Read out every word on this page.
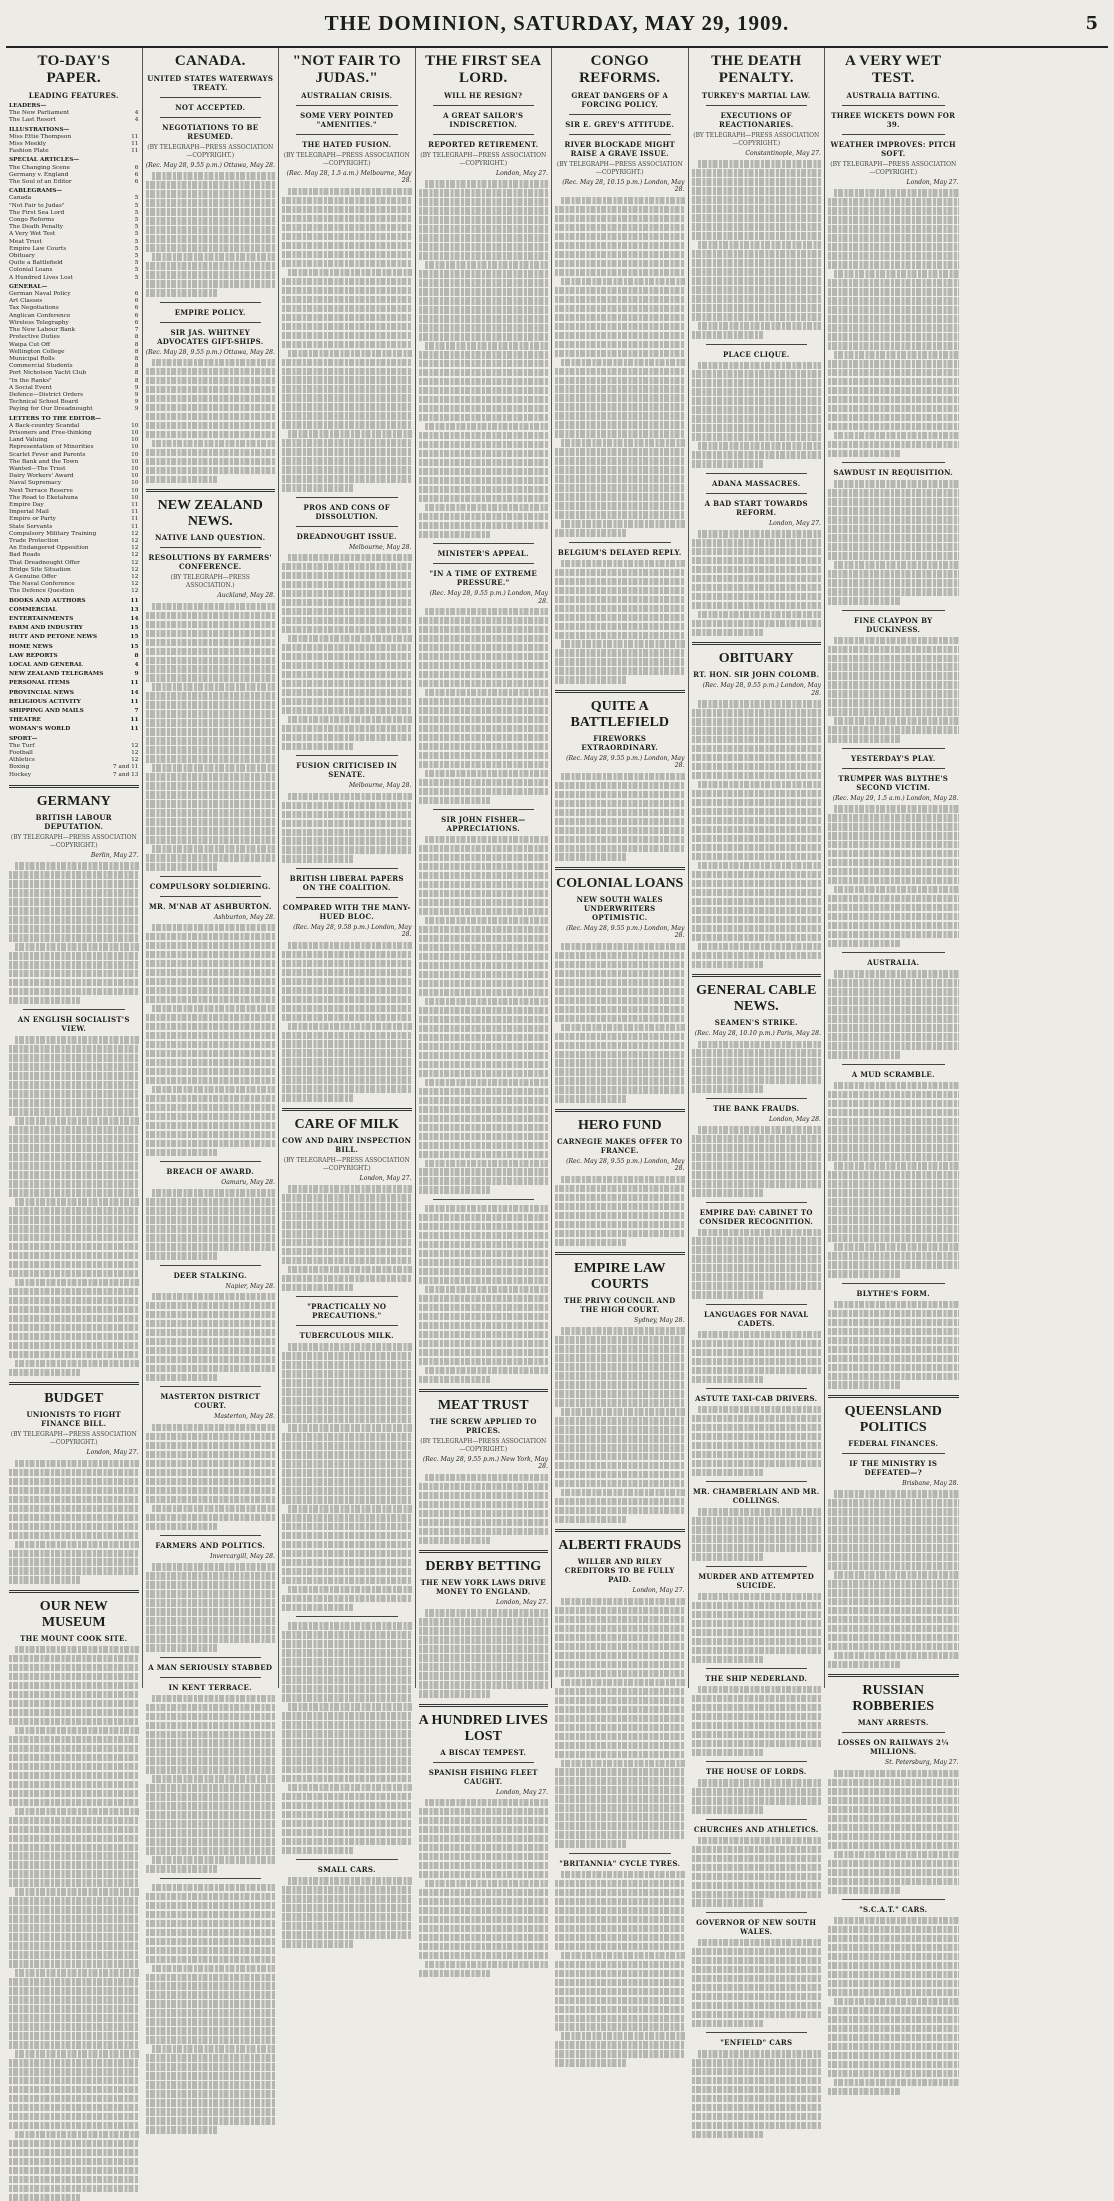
THE DOMINION, SATURDAY, MAY 29, 1909.	5
TO-DAY'S PAPER.
LEADING FEATURES.
LEADERS—
The New Parliament	4
The Last Resort	4
ILLUSTRATIONS—
Miss Ettie Thompson	11
Miss Meekly	11
Fashion Plate	11
SPECIAL ARTICLES—
The Changing Scene	6
Germany v. England	6
The Soul of an Editor	6
CABLEGRAMS—
Canada	5
"Not Fair to Judas"	5
The First Sea Lord	5
Congo Reforms	5
The Death Penalty	5
A Very Wet Test	5
Meat Trust	5
Empire Law Courts	5
Obituary	5
Quite a Battlefield	5
Colonial Loans	5
A Hundred Lives Lost	5
GENERAL—
German Naval Policy	6
Art Classes	6
Tax Negotiations	6
Anglican Conference	6
Wireless Telegraphy	6
The New Labour Bank	7
Protective Duties	8
Waipa Cut Off	8
Wellington College	8
Municipal Rolls	8
Commercial Students	8
Port Nicholson Yacht Club	8
"In the Ranks"	8
A Social Event	9
Defence—District Orders	9
Technical School Board	9
Paying for Our Dreadnought	9
LETTERS TO THE EDITOR—
A Back-country Scandal	10
Prisoners and Free-thinking	10
Land Valuing	10
Representation of Minorities	10
Scarlet Fever and Parents	10
The Bank and the Town	10
Wanted—The Trust	10
Dairy Workers' Award	10
Naval Supremacy	10
Next Terrace Reserve	10
The Road to Eketahuna	10
Empire Day	11
Imperial Mail	11
Empire or Party	11
State Servants	11
Compulsory Military Training	12
Trade Protection	12
An Endangered Opposition	12
Bad Roads	12
That Dreadnought Offer	12
Bridge Site Situation	12
A Genuine Offer	12
The Naval Conference	12
The Defence Question	12
BOOKS AND AUTHORS	11
COMMERCIAL	13
ENTERTAINMENTS	14
FARM AND INDUSTRY	15
HUTT AND PETONE NEWS	15
HOME NEWS	15
LAW REPORTS	8
LOCAL AND GENERAL	4
NEW ZEALAND TELEGRAMS	9
PERSONAL ITEMS	11
PROVINCIAL NEWS	14
RELIGIOUS ACTIVITY	11
SHIPPING AND MAILS	7
THEATRE	11
WOMAN'S WORLD	11
SPORT—
The Turf	12
Football	12
Athletics	12
Boxing	7 and 11
Hockey	7 and 13
GERMANY
BRITISH LABOUR DEPUTATION.
(BY TELEGRAPH—PRESS ASSOCIATION—COPYRIGHT.)
Berlin, May 27.
AN ENGLISH SOCIALIST'S VIEW.
BUDGET
UNIONISTS TO FIGHT FINANCE BILL.
(BY TELEGRAPH—PRESS ASSOCIATION—COPYRIGHT.)
London, May 27.
OUR NEW MUSEUM
THE MOUNT COOK SITE.
CANADA.
UNITED STATES WATERWAYS TREATY.
NOT ACCEPTED.
NEGOTIATIONS TO BE RESUMED.
(BY TELEGRAPH—PRESS ASSOCIATION—COPYRIGHT.)
(Rec. May 28, 9.55 p.m.) Ottawa, May 28.
EMPIRE POLICY.
SIR JAS. WHITNEY ADVOCATES GIFT-SHIPS.
(Rec. May 28, 9.55 p.m.) Ottawa, May 28.
NEW ZEALAND NEWS.
NATIVE LAND QUESTION.
RESOLUTIONS BY FARMERS' CONFERENCE.
(BY TELEGRAPH—PRESS ASSOCIATION.)
Auckland, May 28.
COMPULSORY SOLDIERING.
MR. M'NAB AT ASHBURTON.
Ashburton, May 28.
BREACH OF AWARD.
Oamaru, May 28.
DEER STALKING.
Napier, May 28.
MASTERTON DISTRICT COURT.
Masterton, May 28.
FARMERS AND POLITICS.
Invercargill, May 28.
A MAN SERIOUSLY STABBED
IN KENT TERRACE.
"NOT FAIR TO JUDAS."
AUSTRALIAN CRISIS.
SOME VERY POINTED "AMENITIES."
THE HATED FUSION.
(BY TELEGRAPH—PRESS ASSOCIATION—COPYRIGHT.)
(Rec. May 28, 1.5 a.m.) Melbourne, May 28.
PROS AND CONS OF DISSOLUTION.
DREADNOUGHT ISSUE.
Melbourne, May 28.
FUSION CRITICISED IN SENATE.
Melbourne, May 28.
BRITISH LIBERAL PAPERS ON THE COALITION.
COMPARED WITH THE MANY-HUED BLOC.
(Rec. May 28, 9.58 p.m.) London, May 28.
CARE OF MILK
COW AND DAIRY INSPECTION BILL.
(BY TELEGRAPH—PRESS ASSOCIATION—COPYRIGHT.)
London, May 27.
"PRACTICALLY NO PRECAUTIONS."
TUBERCULOUS MILK.
SMALL CARS.
THE FIRST SEA LORD.
WILL HE RESIGN?
A GREAT SAILOR'S INDISCRETION.
REPORTED RETIREMENT.
(BY TELEGRAPH—PRESS ASSOCIATION—COPYRIGHT.)
London, May 27.
MINISTER'S APPEAL.
"IN A TIME OF EXTREME PRESSURE."
(Rec. May 28, 9.55 p.m.) London, May 28.
SIR JOHN FISHER—APPRECIATIONS.
MEAT TRUST
THE SCREW APPLIED TO PRICES.
(BY TELEGRAPH—PRESS ASSOCIATION—COPYRIGHT.)
(Rec. May 28, 9.55 p.m.) New York, May 28.
DERBY BETTING
THE NEW YORK LAWS DRIVE MONEY TO ENGLAND.
London, May 27.
A HUNDRED LIVES LOST
A BISCAY TEMPEST.
SPANISH FISHING FLEET CAUGHT.
London, May 27.
CONGO REFORMS.
GREAT DANGERS OF A FORCING POLICY.
SIR E. GREY'S ATTITUDE.
RIVER BLOCKADE MIGHT RAISE A GRAVE ISSUE.
(BY TELEGRAPH—PRESS ASSOCIATION—COPYRIGHT.)
(Rec. May 28, 10.15 p.m.) London, May 28.
BELGIUM'S DELAYED REPLY.
QUITE A BATTLEFIELD
FIREWORKS EXTRAORDINARY.
(Rec. May 28, 9.55 p.m.) London, May 28.
COLONIAL LOANS
NEW SOUTH WALES UNDERWRITERS OPTIMISTIC.
(Rec. May 28, 9.55 p.m.) London, May 28.
HERO FUND
CARNEGIE MAKES OFFER TO FRANCE.
(Rec. May 28, 9.55 p.m.) London, May 28.
EMPIRE LAW COURTS
THE PRIVY COUNCIL AND THE HIGH COURT.
Sydney, May 28.
ALBERTI FRAUDS
WILLER AND RILEY CREDITORS TO BE FULLY PAID.
London, May 27.
"BRITANNIA" CYCLE TYRES.
THE DEATH PENALTY.
TURKEY'S MARTIAL LAW.
EXECUTIONS OF REACTIONARIES.
(BY TELEGRAPH—PRESS ASSOCIATION—COPYRIGHT.)
Constantinople, May 27.
PLACE CLIQUE.
ADANA MASSACRES.
A BAD START TOWARDS REFORM.
London, May 27.
OBITUARY
RT. HON. SIR JOHN COLOMB.
(Rec. May 28, 9.55 p.m.) London, May 28.
GENERAL CABLE NEWS.
SEAMEN'S STRIKE.
(Rec. May 28, 10.10 p.m.) Paris, May 28.
THE BANK FRAUDS.
London, May 28.
EMPIRE DAY: CABINET TO CONSIDER RECOGNITION.
LANGUAGES FOR NAVAL CADETS.
ASTUTE TAXI-CAB DRIVERS.
MR. CHAMBERLAIN AND MR. COLLINGS.
MURDER AND ATTEMPTED SUICIDE.
THE SHIP NEDERLAND.
THE HOUSE OF LORDS.
CHURCHES AND ATHLETICS.
GOVERNOR OF NEW SOUTH WALES.
"ENFIELD" CARS
A VERY WET TEST.
AUSTRALIA BATTING.
THREE WICKETS DOWN FOR 39.
WEATHER IMPROVES: PITCH SOFT.
(BY TELEGRAPH—PRESS ASSOCIATION—COPYRIGHT.)
London, May 27.
SAWDUST IN REQUISITION.
FINE CLAYPON BY DUCKINESS.
YESTERDAY'S PLAY.
TRUMPER WAS BLYTHE'S SECOND VICTIM.
(Rec. May 29, 1.5 a.m.) London, May 28.
AUSTRALIA.
A MUD SCRAMBLE.
BLYTHE'S FORM.
QUEENSLAND POLITICS
FEDERAL FINANCES.
IF THE MINISTRY IS DEFEATED—?
Brisbane, May 28.
RUSSIAN ROBBERIES
MANY ARRESTS.
LOSSES ON RAILWAYS 2¼ MILLIONS.
St. Petersburg, May 27.
"S.C.A.T." CARS.
